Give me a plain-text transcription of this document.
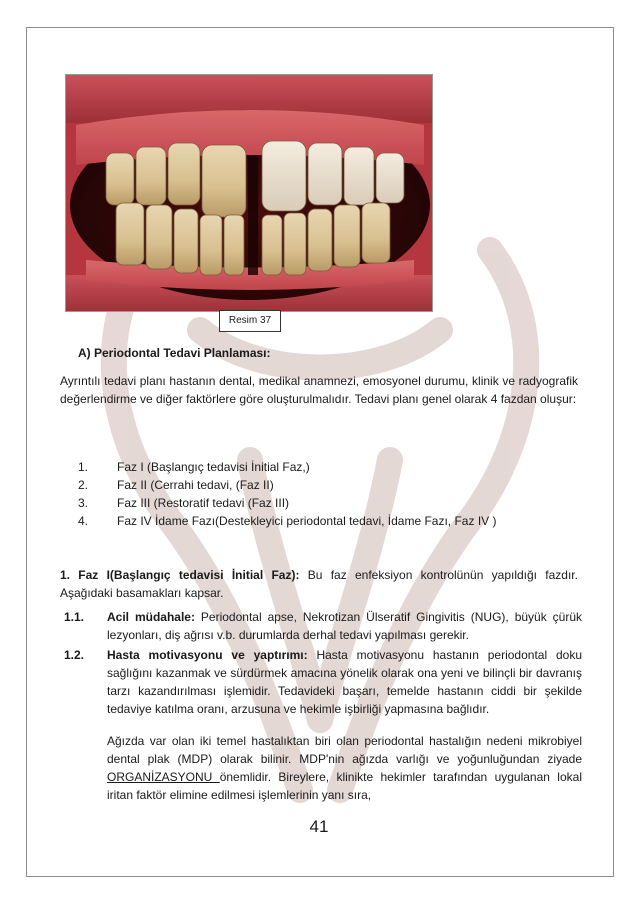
Resim 37
A) Periodontal Tedavi Planlaması:
Ayrıntılı tedavi planı hastanın dental, medikal anamnezi, emosyonel durumu, klinik ve radyografik değerlendirme ve diğer faktörlere göre oluşturulmalıdır. Tedavi planı genel olarak 4 fazdan oluşur:
1. Faz I (Başlangıç tedavisi İnitial Faz,)
2. Faz II (Cerrahi tedavi, (Faz II)
3. Faz III (Restoratif tedavi (Faz III)
4. Faz IV İdame Fazı(Destekleyici periodontal tedavi, İdame Fazı, Faz IV )
1. Faz I(Başlangıç tedavisi İnitial Faz): Bu faz enfeksiyon kontrolünün yapıldığı fazdır. Aşağıdaki basamakları kapsar.
1.1. Acil müdahale: Periodontal apse, Nekrotizan Ülseratif Gingivitis (NUG), büyük çürük lezyonları, diş ağrısı v.b. durumlarda derhal tedavi yapılması gerekir.
1.2. Hasta motivasyonu ve yaptırımı: Hasta motivasyonu hastanın periodontal doku sağlığını kazanmak ve sürdürmek amacına yönelik olarak ona yeni ve bilinçli bir davranış tarzı kazandırılması işlemidir. Tedavideki başarı, temelde hastanın ciddi bir şekilde tedaviye katılma oranı, arzusuna ve hekimle işbirliği yapmasına bağlıdır.
Ağızda var olan iki temel hastalıktan biri olan periodontal hastalığın nedeni mikrobiyel dental plak (MDP) olarak bilinir. MDP'nin ağızda varlığı ve yoğunluğundan ziyade ORGANİZASYONU önemlidir. Bireylere, klinikte hekimler tarafından uygulanan lokal iritan faktör elimine edilmesi işlemlerinin yanı sıra,
41
